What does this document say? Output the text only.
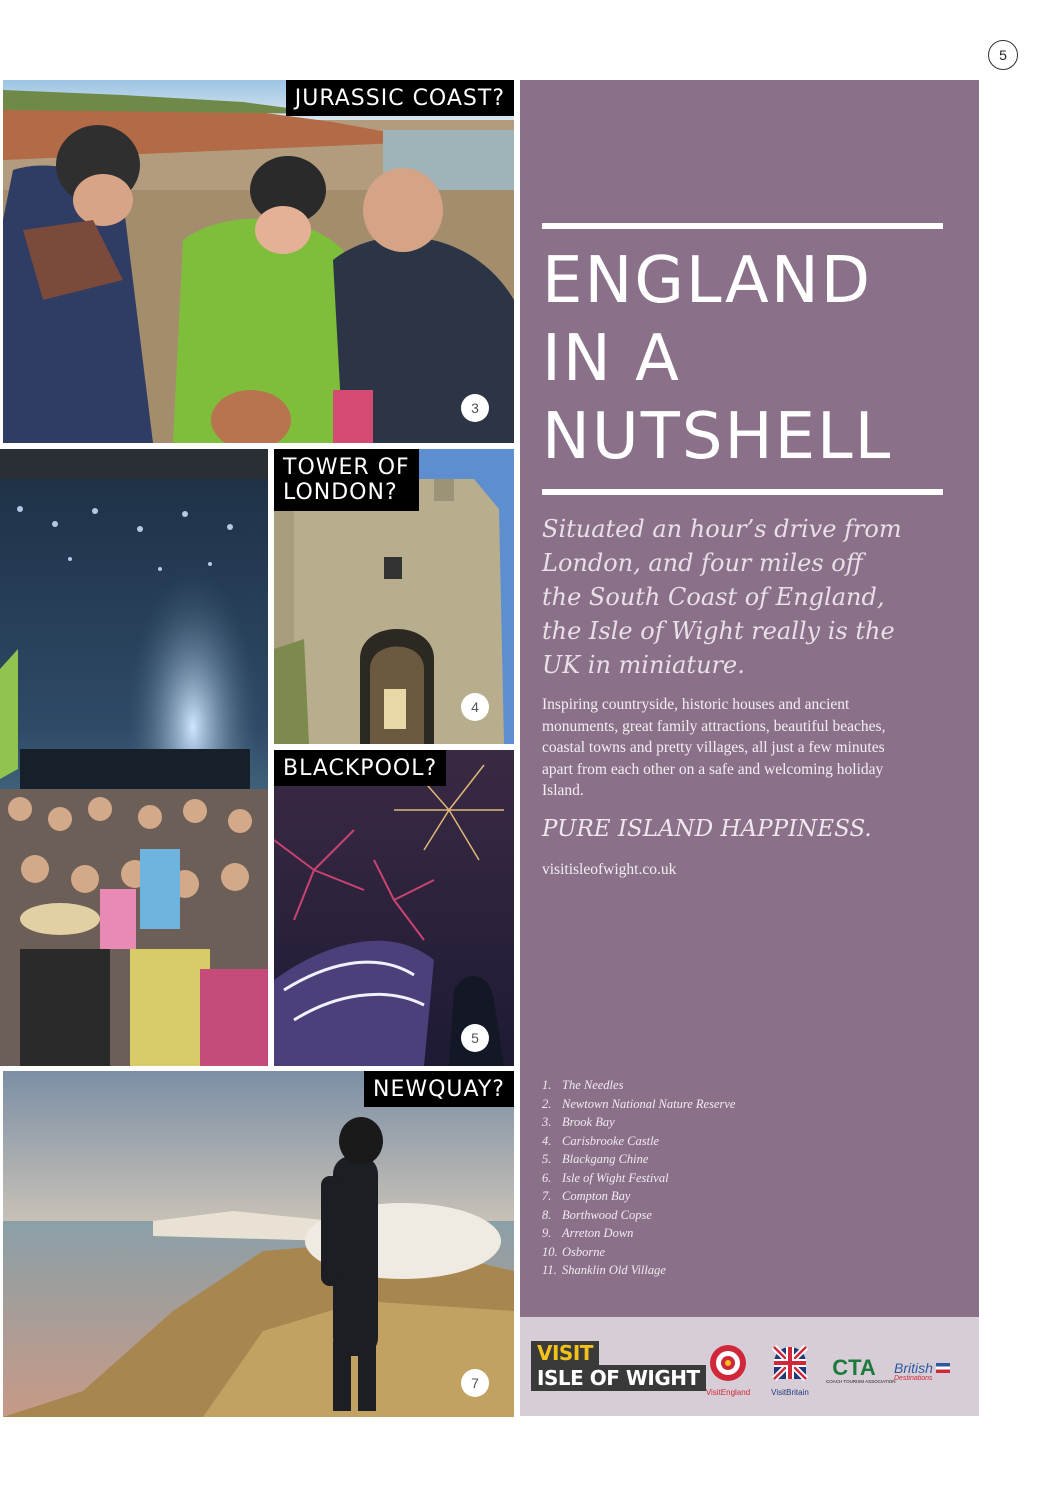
5
JURASSIC COAST?
3
TOWER OF
LONDON?
4
BLACKPOOL?
5
NEWQUAY?
7
ENGLAND
IN A
NUTSHELL

Situated an hour’s drive from London, and four miles off the South Coast of England, the Isle of Wight really is the UK in miniature.

Inspiring countryside, historic houses and ancient monuments, great family attractions, beautiful beaches, coastal towns and pretty villages, all just a few minutes apart from each other on a safe and welcoming holiday Island.

PURE ISLAND HAPPINESS.

visitisleofwight.co.uk

1. The Needles
2. Newtown National Nature Reserve
3. Brook Bay
4. Carisbrooke Castle
5. Blackgang Chine
6. Isle of Wight Festival
7. Compton Bay
8. Borthwood Copse
9. Arreton Down
10. Osborne
11. Shanklin Old Village
VISIT
ISLE OF WIGHT
VisitEngland	VisitBritain
CTA
COACH TOURISM ASSOCIATION
British
Destinations
